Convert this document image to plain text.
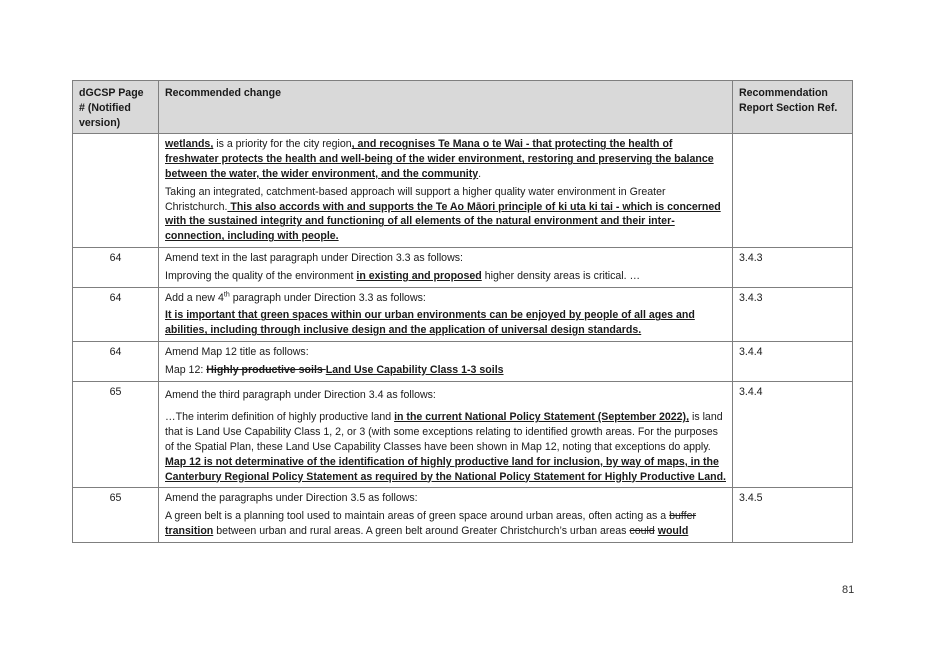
dGCSP Page # (Notified version)	Recommended change	Recommendation Report Section Ref.

	wetlands, is a priority for the city region, and recognises Te Mana o te Wai - that protecting the health of freshwater protects the health and well-being of the wider environment, restoring and preserving the balance between the water, the wider environment, and the community.

Taking an integrated, catchment-based approach will support a higher quality water environment in Greater Christchurch. This also accords with and supports the Te Ao Māori principle of ki uta ki tai - which is concerned with the sustained integrity and functioning of all elements of the natural environment and their inter-connection, including with people.	

64	Amend text in the last paragraph under Direction 3.3 as follows:

Improving the quality of the environment in existing and proposed higher density areas is critical. …	3.4.3
64	Add a new 4th paragraph under Direction 3.3 as follows:

It is important that green spaces within our urban environments can be enjoyed by people of all ages and abilities, including through inclusive design and the application of universal design standards.	3.4.3
64	Amend Map 12 title as follows:

Map 12: Highly productive soils Land Use Capability Class 1-3 soils	3.4.4
65	Amend the third paragraph under Direction 3.4 as follows:

…The interim definition of highly productive land in the current National Policy Statement (September 2022), is land that is Land Use Capability Class 1, 2, or 3 (with some exceptions relating to identified growth areas. For the purposes of the Spatial Plan, these Land Use Capability Classes have been shown in Map 12, noting that exceptions do apply. Map 12 is not determinative of the identification of highly productive land for inclusion, by way of maps, in the Canterbury Regional Policy Statement as required by the National Policy Statement for Highly Productive Land.	3.4.4
65	Amend the paragraphs under Direction 3.5 as follows:

A green belt is a planning tool used to maintain areas of green space around urban areas, often acting as a buffer transition between urban and rural areas. A green belt around Greater Christchurch’s urban areas could would	3.4.5
81
